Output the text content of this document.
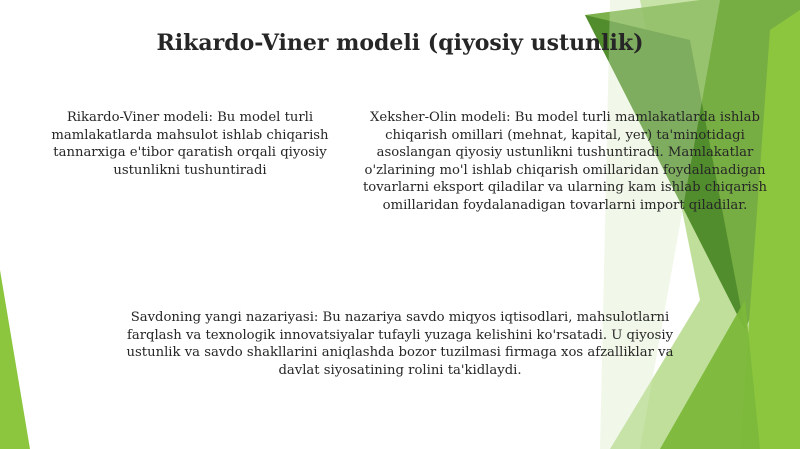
Rikardo-Viner modeli (qiyosiy ustunlik)

Rikardo-Viner modeli: Bu model turli mamlakatlarda mahsulot ishlab chiqarish tannarxiga e'tibor qaratish orqali qiyosiy ustunlikni tushuntiradi

Xeksher-Olin modeli: Bu model turli mamlakatlarda ishlab chiqarish omillari (mehnat, kapital, yer) ta'minotidagi asoslangan qiyosiy ustunlikni tushuntiradi. Mamlakatlar o'zlarining mo'l ishlab chiqarish omillaridan foydalanadigan tovarlarni eksport qiladilar va ularning kam ishlab chiqarish omillaridan foydalanadigan tovarlarni import qiladilar.

Savdoning yangi nazariyasi: Bu nazariya savdo miqyos iqtisodlari, mahsulotlarni farqlash va texnologik innovatsiyalar tufayli yuzaga kelishini ko'rsatadi. U qiyosiy ustunlik va savdo shakllarini aniqlashda bozor tuzilmasi firmaga xos afzalliklar va davlat siyosatining rolini ta'kidlaydi.
